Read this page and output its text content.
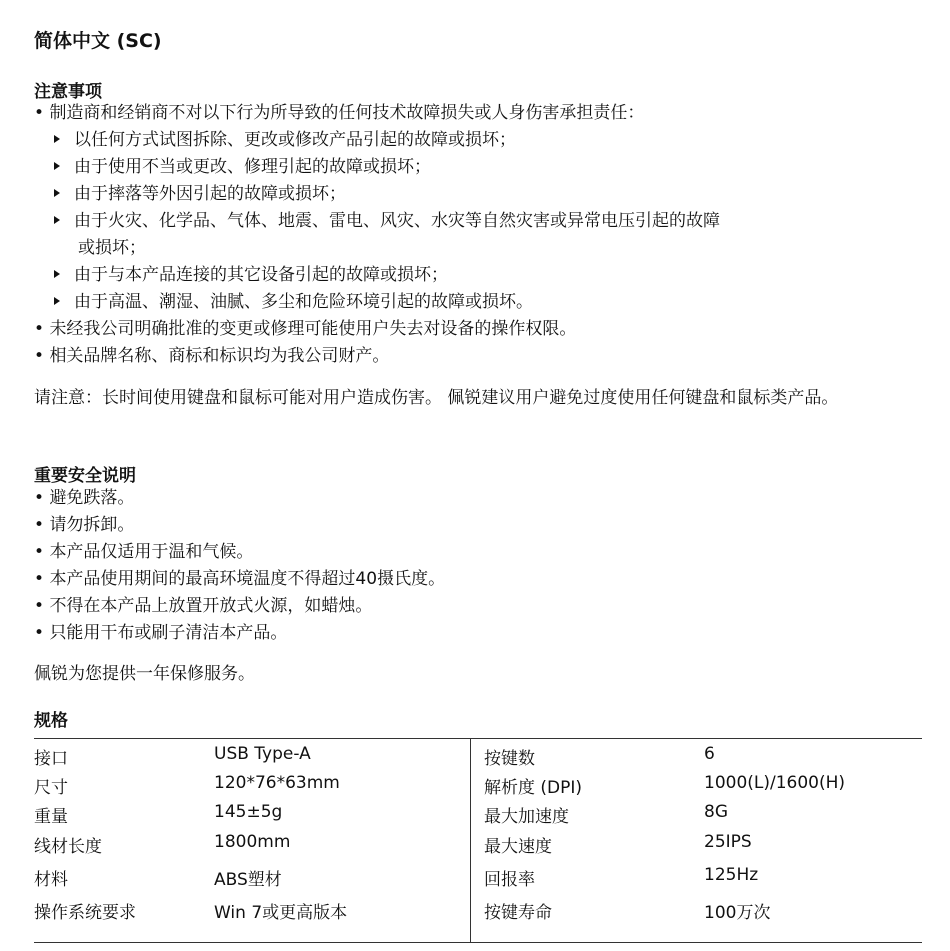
简体中文 (SC)
注意事项
• 制造商和经销商不对以下行为所导致的任何技术故障损失或人身伤害承担责任：
以任何方式试图拆除、更改或修改产品引起的故障或损坏；
由于使用不当或更改、修理引起的故障或损坏；
由于摔落等外因引起的故障或损坏；
由于火灾、化学品、气体、地震、雷电、风灾、水灾等自然灾害或异常电压引起的故障
或损坏；
由于与本产品连接的其它设备引起的故障或损坏；
由于高温、潮湿、油腻、多尘和危险环境引起的故障或损坏。
• 未经我公司明确批准的变更或修理可能使用户失去对设备的操作权限。
• 相关品牌名称、商标和标识均为我公司财产。
请注意：长时间使用键盘和鼠标可能对用户造成伤害。 佩锐建议用户避免过度使用任何键盘和鼠标类产品。
重要安全说明
• 避免跌落。
• 请勿拆卸。
• 本产品仅适用于温和气候。
• 本产品使用期间的最高环境温度不得超过40摄氏度。
• 不得在本产品上放置开放式火源，如蜡烛。
• 只能用干布或刷子清洁本产品。
佩锐为您提供一年保修服务。
规格
接口	USB Type-A
尺寸	120*76*63mm
重量	145±5g
线材长度	1800mm
材料	ABS塑材
操作系统要求	Win 7或更高版本
按键数	6
解析度 (DPI)	1000(L)/1600(H)
最大加速度	8G
最大速度	25IPS
回报率	125Hz
按键寿命	100万次
